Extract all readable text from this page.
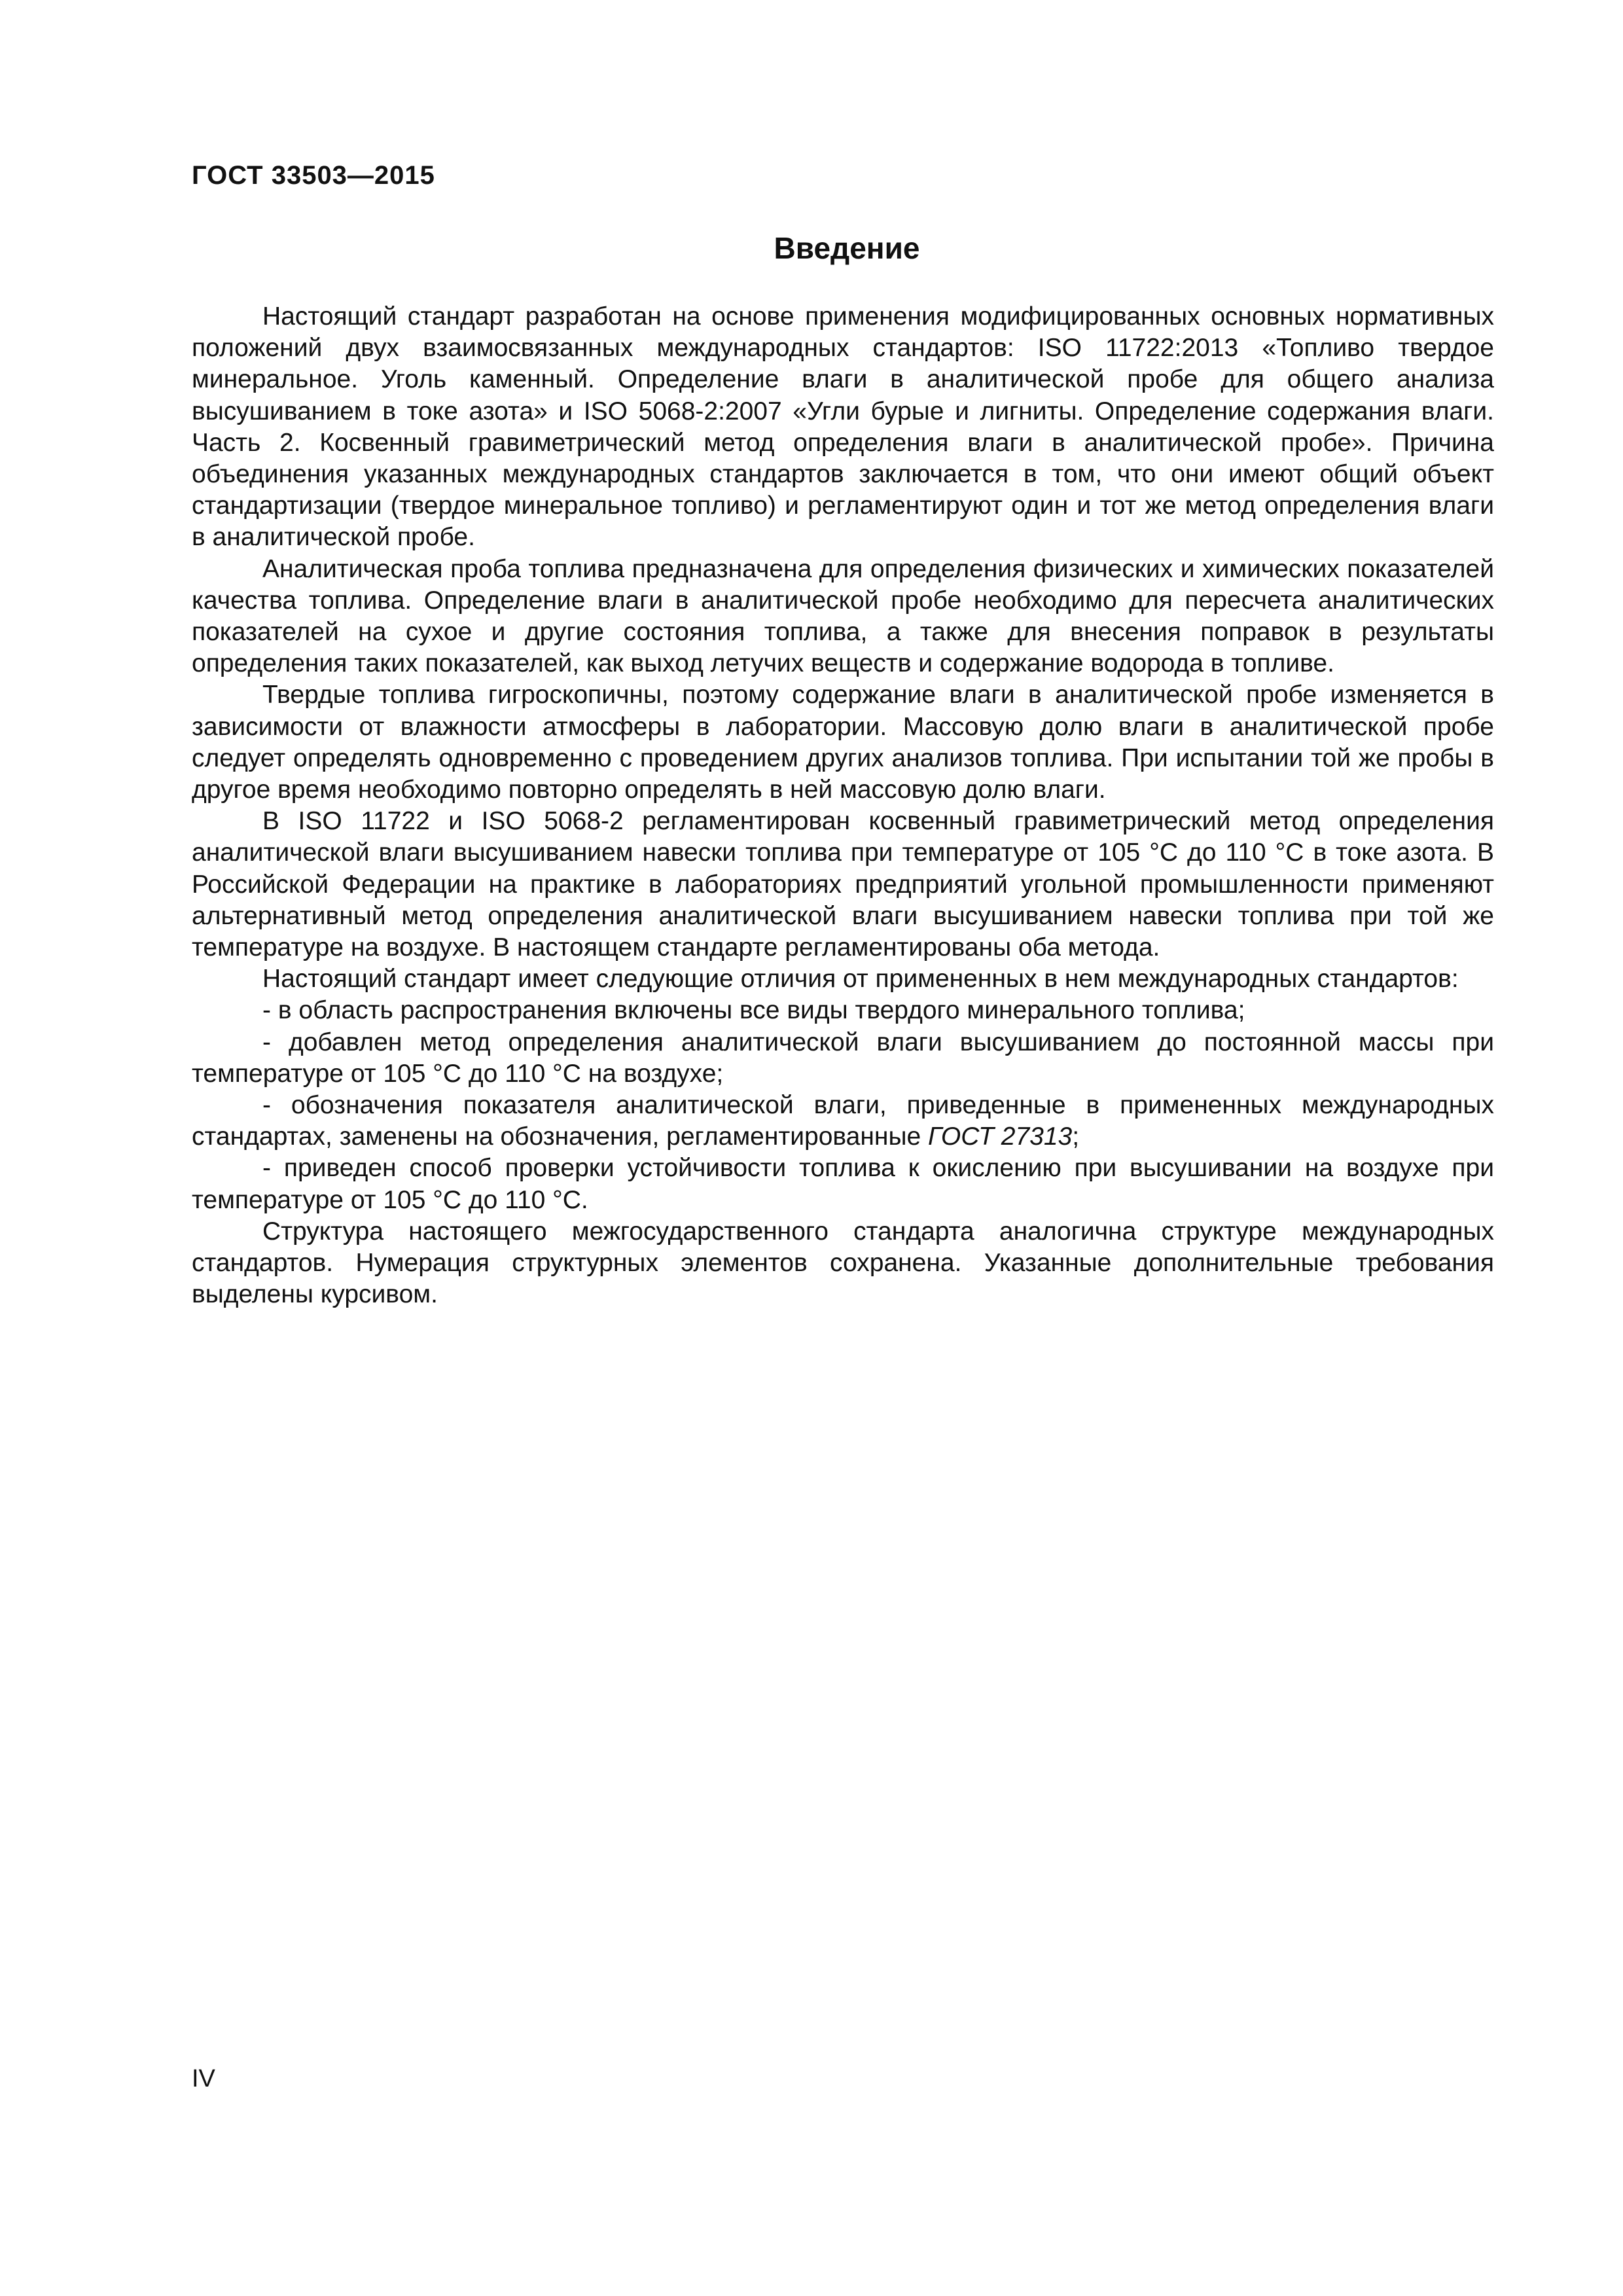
ГОСТ 33503—2015
Введение

Настоящий стандарт разработан на основе применения модифицированных основных нормативных положений двух взаимосвязанных международных стандартов: ISO 11722:2013 «Топливо твердое минеральное. Уголь каменный. Определение влаги в аналитической пробе для общего анализа высушиванием в токе азота» и ISO 5068-2:2007 «Угли бурые и лигниты. Определение содержания влаги. Часть 2. Косвенный гравиметрический метод определения влаги в аналитической пробе». Причина объединения указанных международных стандартов заключается в том, что они имеют общий объект стандартизации (твердое минеральное топливо) и регламентируют один и тот же метод определения влаги в аналитической пробе.

Аналитическая проба топлива предназначена для определения физических и химических показателей качества топлива. Определение влаги в аналитической пробе необходимо для пересчета аналитических показателей на сухое и другие состояния топлива, а также для внесения поправок в результаты определения таких показателей, как выход летучих веществ и содержание водорода в топливе.

Твердые топлива гигроскопичны, поэтому содержание влаги в аналитической пробе изменяется в зависимости от влажности атмосферы в лаборатории. Массовую долю влаги в аналитической пробе следует определять одновременно с проведением других анализов топлива. При испытании той же пробы в другое время необходимо повторно определять в ней массовую долю влаги.

В ISO 11722 и ISO 5068-2 регламентирован косвенный гравиметрический метод определения аналитической влаги высушиванием навески топлива при температуре от 105 °С до 110 °С в токе азота. В Российской Федерации на практике в лабораториях предприятий угольной промышленности применяют альтернативный метод определения аналитической влаги высушиванием навески топлива при той же температуре на воздухе. В настоящем стандарте регламентированы оба метода.

Настоящий стандарт имеет следующие отличия от примененных в нем международных стандартов:

- в область распространения включены все виды твердого минерального топлива;

- добавлен метод определения аналитической влаги высушиванием до постоянной массы при температуре от 105 °С до 110 °С на воздухе;

- обозначения показателя аналитической влаги, приведенные в примененных международных стандартах, заменены на обозначения, регламентированные ГОСТ 27313;

- приведен способ проверки устойчивости топлива к окислению при высушивании на воздухе при температуре от 105 °С до 110 °С.

Структура настоящего межгосударственного стандарта аналогична структуре международных стандартов. Нумерация структурных элементов сохранена. Указанные дополнительные требования выделены курсивом.

IV
